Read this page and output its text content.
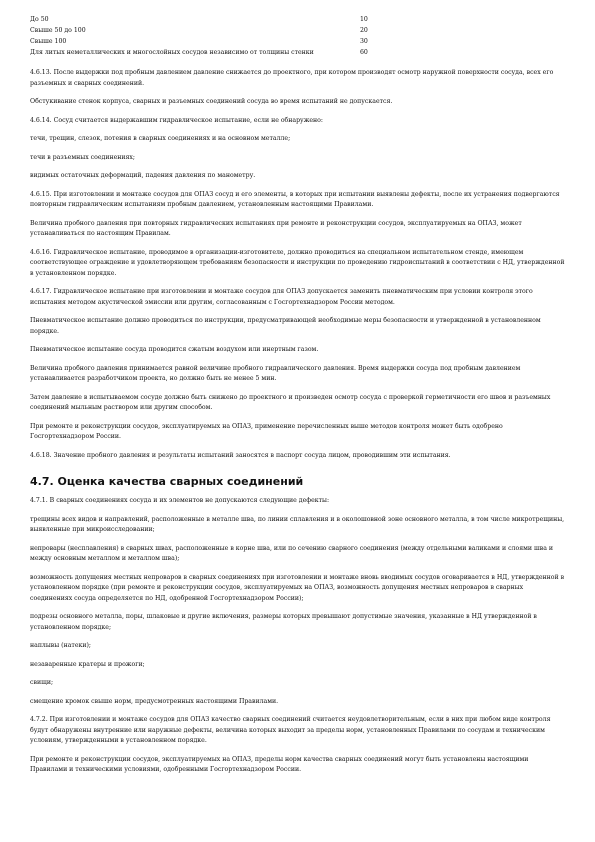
До 50	10
Свыше 50 до 100	20
Свыше 100	30
Для литых неметаллических и многослойных сосудов независимо от толщины стенки	60

4.6.13. После выдержки под пробным давлением давление снижается до проектного, при котором производят осмотр наружной поверхности сосуда, всех его разъемных и сварных соединений.

Обстукивание стенок корпуса, сварных и разъемных соединений сосуда во время испытаний не допускается.

4.6.14. Сосуд считается выдержавшим гидравлическое испытание, если не обнаружено:

течи, трещин, слезок, потения в сварных соединениях и на основном металле;

течи в разъемных соединениях;

видимых остаточных деформаций, падения давления по манометру.

4.6.15. При изготовлении и монтаже сосудов для ОПАЗ сосуд и его элементы, в которых при испытании выявлены дефекты, после их устранения подвергаются повторным гидравлическим испытаниям пробным давлением, установленным настоящими Правилами.

Величина пробного давления при повторных гидравлических испытаниях при ремонте и реконструкции сосудов, эксплуатируемых на ОПАЗ, может устанавливаться по настоящим Правилам.

4.6.16. Гидравлическое испытание, проводимое в организации-изготовителе, должно проводиться на специальном испытательном стенде, имеющем соответствующее ограждение и удовлетворяющем требованиям безопасности и инструкции по проведению гидроиспытаний в соответствии с НД, утвержденной в установленном порядке.

4.6.17. Гидравлическое испытание при изготовлении и монтаже сосудов для ОПАЗ допускается заменить пневматическим при условии контроля этого испытания методом акустической эмиссии или другим, согласованным с Госгортехнадзором России методом.

Пневматическое испытание должно проводиться по инструкции, предусматривающей необходимые меры безопасности и утвержденной в установленном порядке.

Пневматическое испытание сосуда проводится сжатым воздухом или инертным газом.

Величина пробного давления принимается равной величине пробного гидравлического давления. Время выдержки сосуда под пробным давлением устанавливается разработчиком проекта, но должно быть не менее 5 мин.

Затем давление в испытываемом сосуде должно быть снижено до проектного и произведен осмотр сосуда с проверкой герметичности его швов и разъемных соединений мыльным раствором или другим способом.

При ремонте и реконструкции сосудов, эксплуатируемых на ОПАЗ, применение перечисленных выше методов контроля может быть одобрено Госгортехнадзором России.

4.6.18. Значение пробного давления и результаты испытаний заносятся в паспорт сосуда лицом, проводившим эти испытания.

4.7. Оценка качества сварных соединений

4.7.1. В сварных соединениях сосуда и их элементов не допускаются следующие дефекты:

трещины всех видов и направлений, расположенные в металле шва, по линии сплавления и в околошовной зоне основного металла, в том числе микротрещины, выявленные при микроисследовании;

непровары (несплавления) в сварных швах, расположенные в корне шва, или по сечению сварного соединения (между отдельными валиками и слоями шва и между основным металлом и металлом шва);

возможность допущения местных непроваров в сварных соединениях при изготовлении и монтаже вновь вводимых сосудов оговаривается в НД, утвержденной в установленном порядке (при ремонте и реконструкции сосудов, эксплуатируемых на ОПАЗ, возможность допущения местных непроваров в сварных соединениях сосуда определяется по НД, одобренной Госгортехнадзором России);

подрезы основного металла, поры, шлаковые и другие включения, размеры которых превышают допустимые значения, указанные в НД утвержденной в установленном порядке;

наплывы (натеки);

незаваренные кратеры и прожоги;

свищи;

смещение кромок свыше норм, предусмотренных настоящими Правилами.

4.7.2. При изготовлении и монтаже сосудов для ОПАЗ качество сварных соединений считается неудовлетворительным, если в них при любом виде контроля будут обнаружены внутренние или наружные дефекты, величина которых выходит за пределы норм, установленных Правилами по сосудам и техническим условиям, утвержденными в установленном порядке.

При ремонте и реконструкции сосудов, эксплуатируемых на ОПАЗ, пределы норм качества сварных соединений могут быть установлены настоящими Правилами и техническими условиями, одобренными Госгортехнадзором России.
